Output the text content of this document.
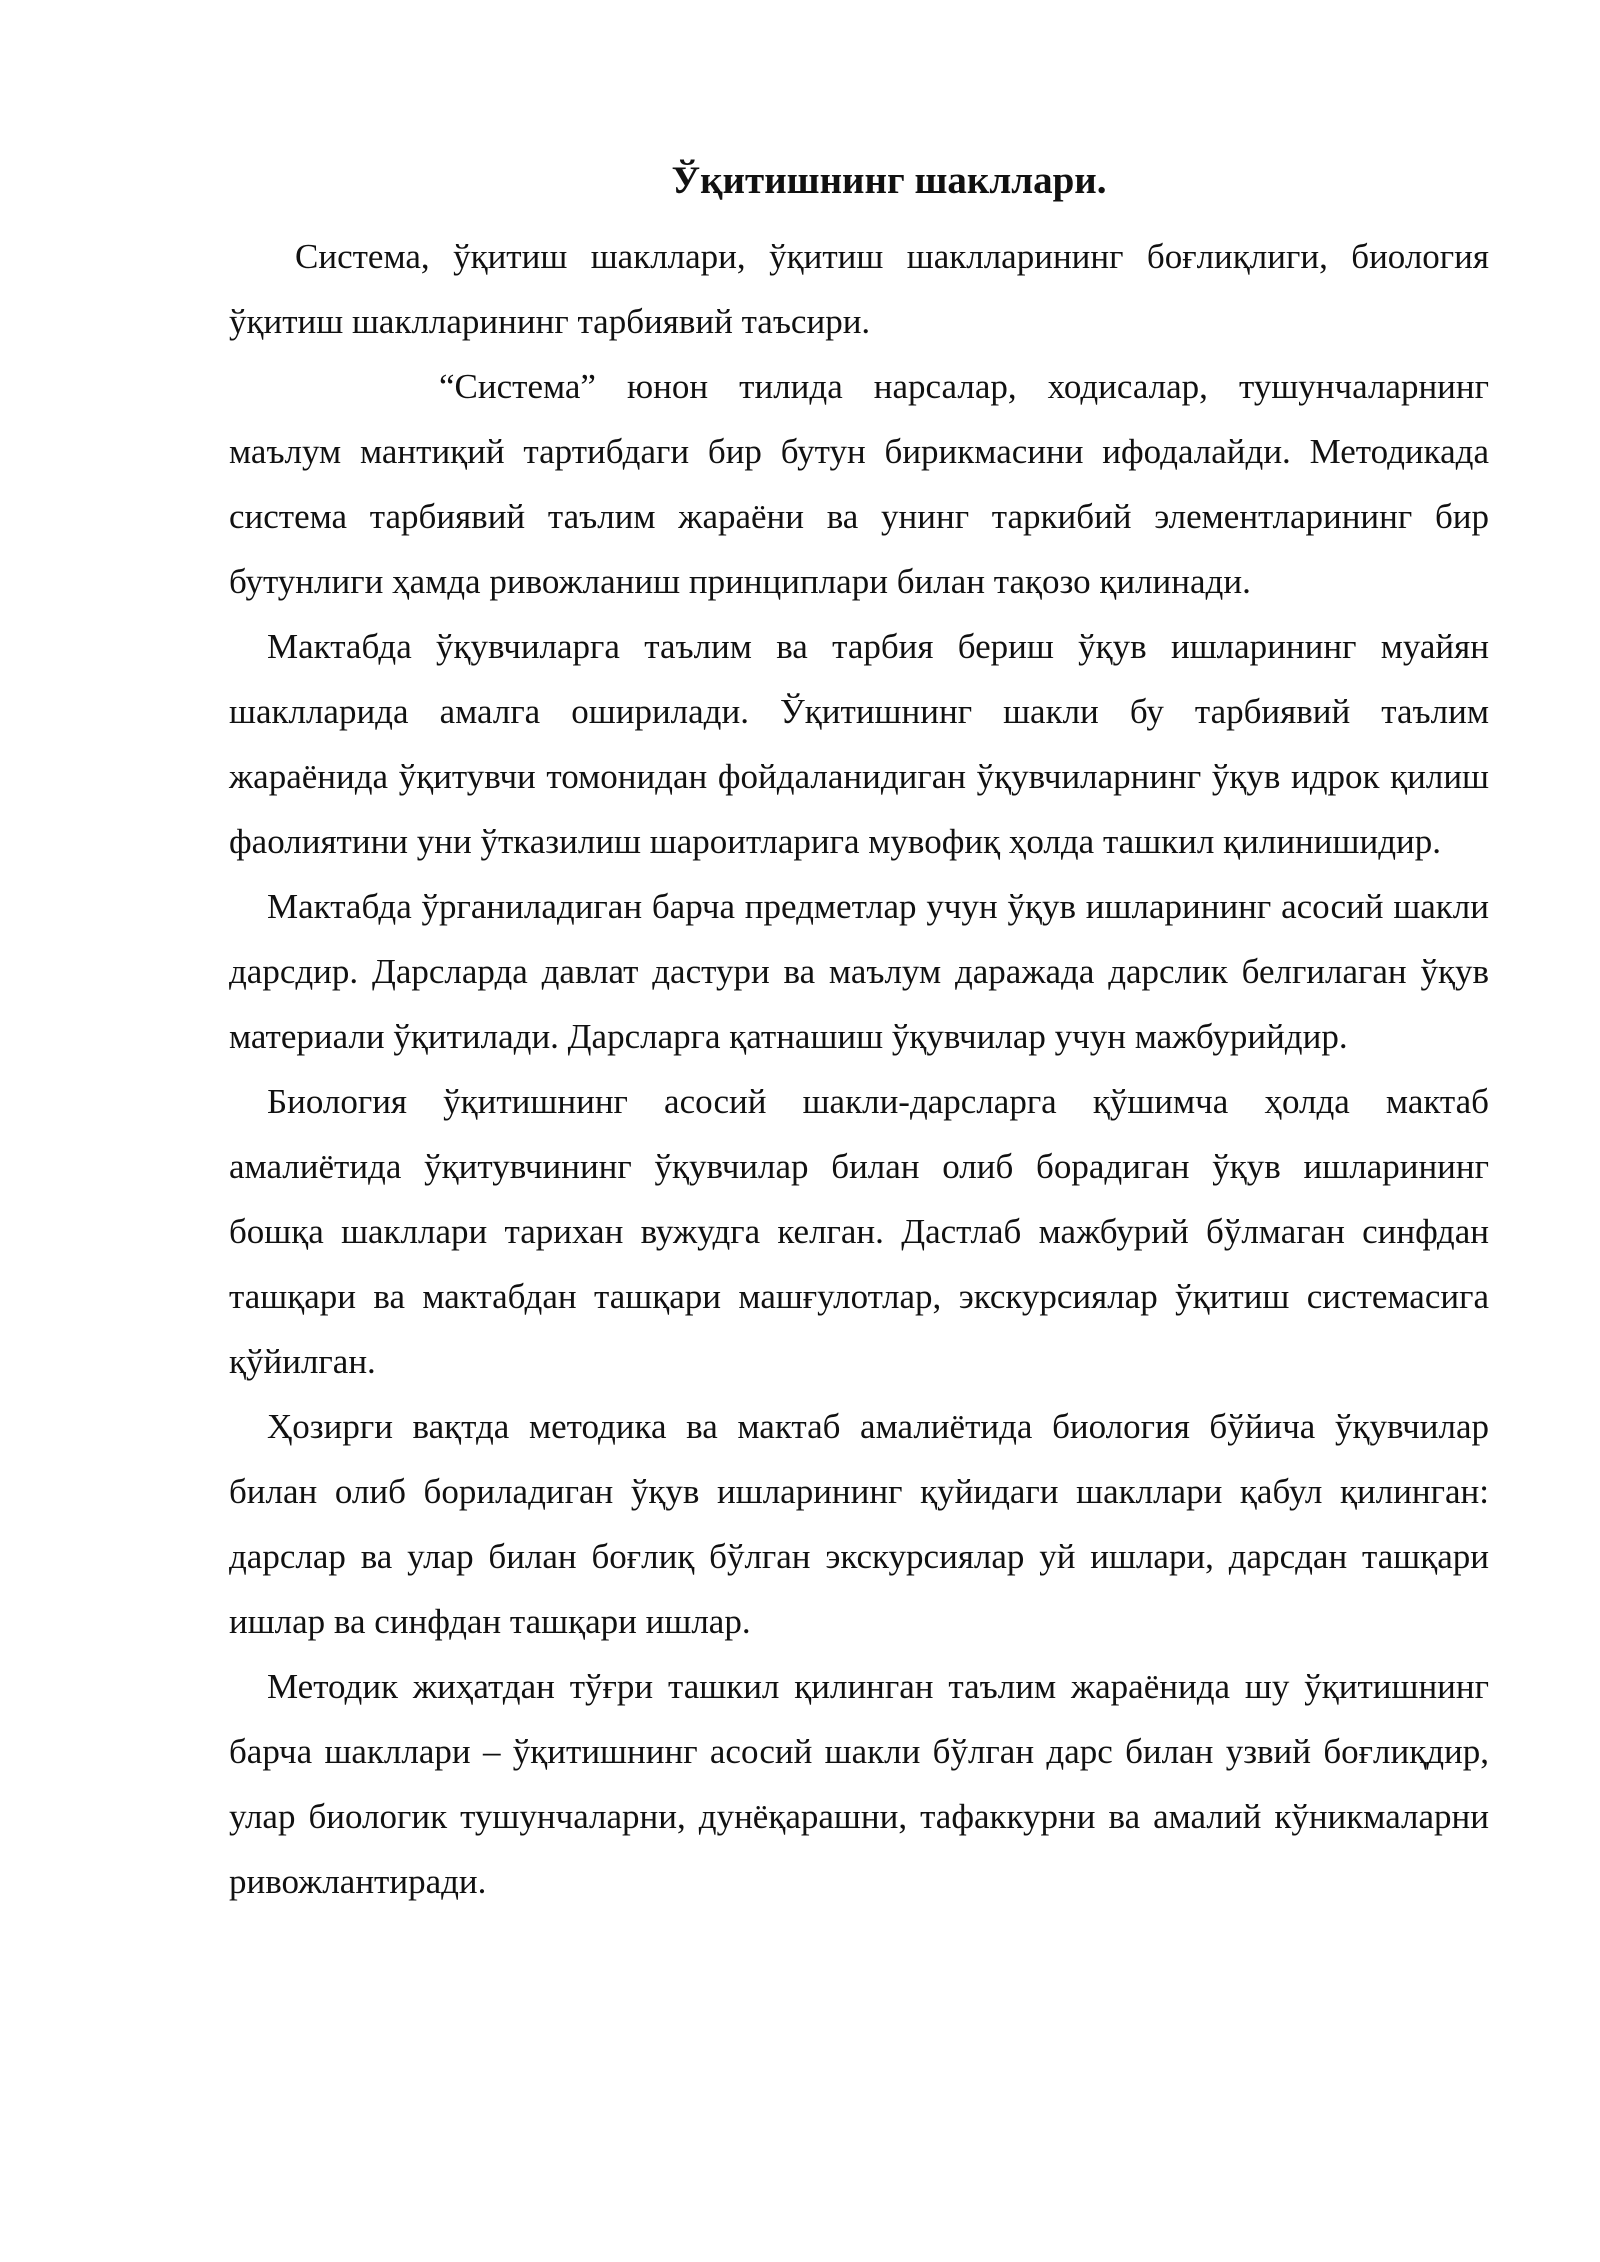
Ўқитишнинг шакллари.

Система, ўқитиш шакллари, ўқитиш шаклларининг боғлиқлиги, биология ўқитиш шаклларининг тарбиявий таъсири.

“Система” юнон тилида нарсалар, ходисалар, тушунчаларнинг маълум мантиқий тартибдаги бир бутун бирикмасини ифодалайди. Методикада система тарбиявий таълим жараёни ва унинг таркибий элементларининг бир бутунлиги ҳамда ривожланиш принциплари билан тақозо қилинади.

Мактабда ўқувчиларга таълим ва тарбия бериш ўқув ишларининг муайян шаклларида амалга оширилади. Ўқитишнинг шакли бу тарбиявий таълим жараёнида ўқитувчи томонидан фойдаланидиган ўқувчиларнинг ўқув идрок қилиш фаолиятини уни ўтказилиш шароитларига мувофиқ ҳолда ташкил қилинишидир.

Мактабда ўрганиладиган барча предметлар учун ўқув ишларининг асосий шакли дарсдир. Дарсларда давлат дастури ва маълум даражада дарслик белгилаган ўқув материали ўқитилади. Дарсларга қатнашиш ўқувчилар учун мажбурийдир.

Биология ўқитишнинг асосий шакли-дарсларга қўшимча ҳолда мактаб амалиётида ўқитувчининг ўқувчилар билан олиб борадиган ўқув ишларининг бошқа шакллари тарихан вужудга келган. Дастлаб мажбурий бўлмаган синфдан ташқари ва мактабдан ташқари машғулотлар, экскурсиялар ўқитиш системасига қўйилган.

Ҳозирги вақтда методика ва мактаб амалиётида биология бўйича ўқувчилар билан олиб бориладиган ўқув ишларининг қуйидаги шакллари қабул қилинган: дарслар ва улар билан боғлиқ бўлган экскурсиялар уй ишлари, дарсдан ташқари ишлар ва синфдан ташқари ишлар.

Методик жиҳатдан тўғри ташкил қилинган таълим жараёнида шу ўқитишнинг барча шакллари – ўқитишнинг асосий шакли бўлган дарс билан узвий боғлиқдир, улар биологик тушунчаларни, дунёқарашни, тафаккурни ва амалий кўникмаларни ривожлантиради.
